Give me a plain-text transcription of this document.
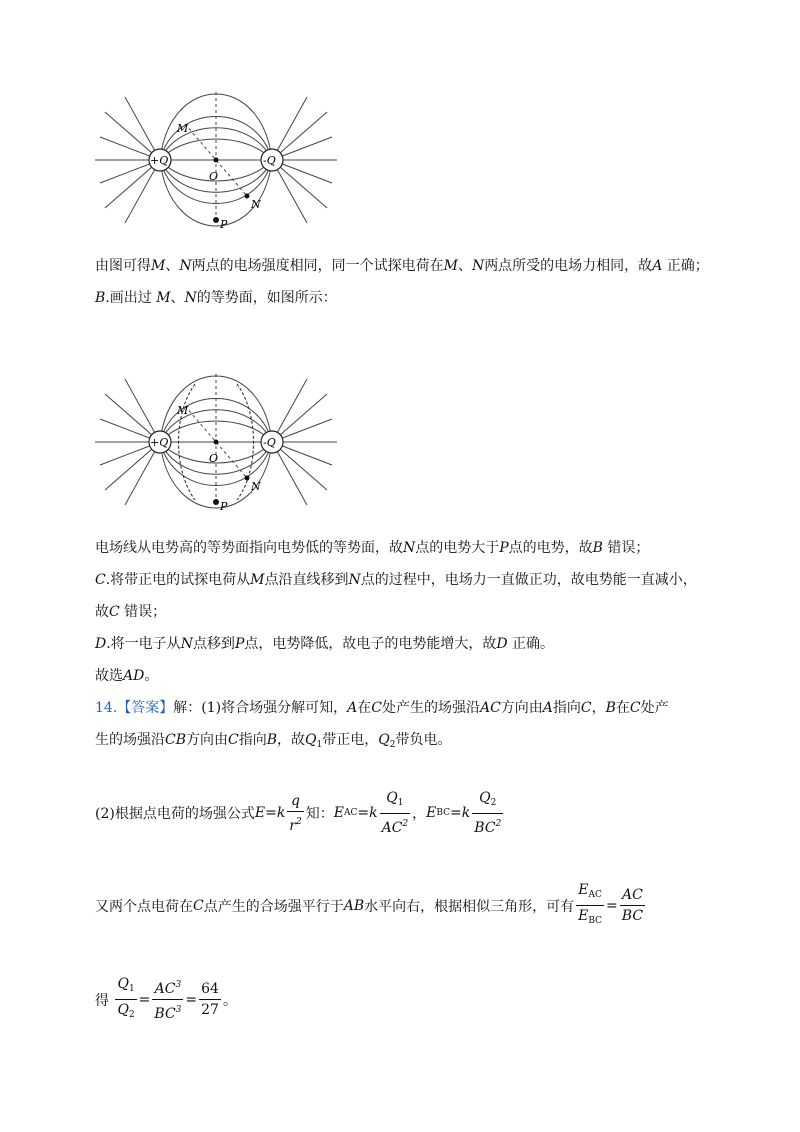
+Q	-Q
M
O
N
P
由图可得M、N两点的电场强度相同，同一个试探电荷在M、N两点所受的电场力相同，故A 正确；
B.画出过 M、N的等势面，如图所示：
+Q	-Q
M
O
N
P
电场线从电势高的等势面指向电势低的等势面，故N点的电势大于P点的电势，故B 错误；
C.将带正电的试探电荷从M点沿直线移到N点的过程中，电场力一直做正功，故电势能一直减小，
故C 错误；
D.将一电子从N点移到P点，电势降低，故电子的电势能增大，故D 正确。
故选AD。
14.【答案】解：(1)将合场强分解可知，A在C处产生的场强沿AC方向由A指向C，B在C处产
生的场强沿CB方向由C指向B，故$Q_1$带正电，$Q_2$带负电。
(2)根据点电荷的场强公式 E = k $\frac{q}{r^2}$ 知： E AC = k $\frac{Q_1}{AC^2}$ ， E BC = k $\frac{Q_2}{BC^2}$
又两个点电荷在 C 点产生的合场强平行于 AB 水平向右，根据相似三角形，可有 $\frac{E_{AC}}{E_{BC}} = \frac{AC}{BC}$
得
$\frac{Q_1}{Q_2} = \frac{AC^3}{BC^3} = \frac{64}{27}$ 。
